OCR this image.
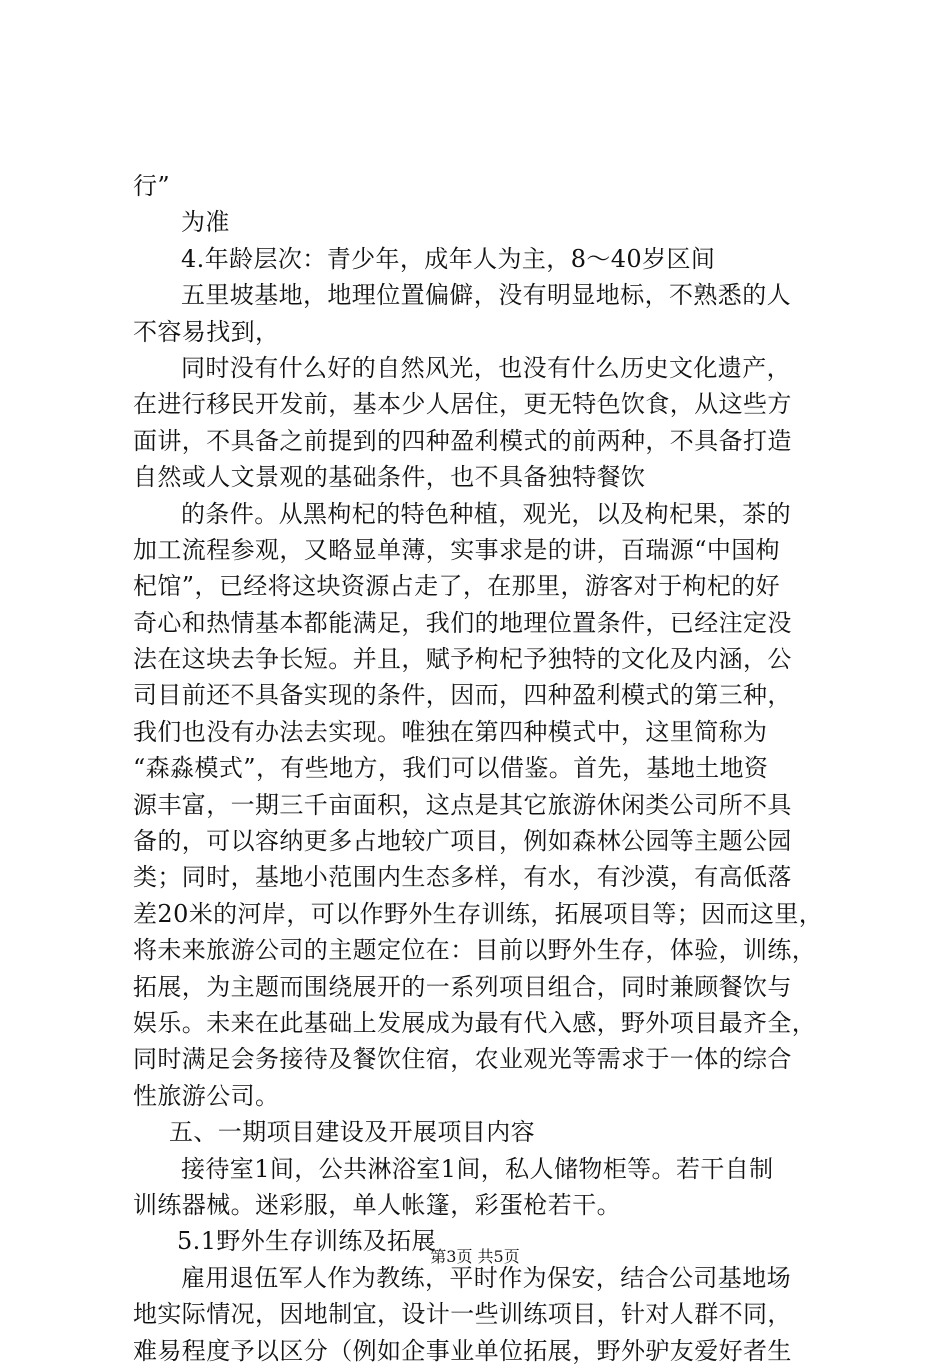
行”
为准
4.年龄层次：青少年，成年人为主，8～40岁区间
五里坡基地，地理位置偏僻，没有明显地标，不熟悉的人
不容易找到，
同时没有什么好的自然风光，也没有什么历史文化遗产，
在进行移民开发前，基本少人居住，更无特色饮食，从这些方
面讲，不具备之前提到的四种盈利模式的前两种，不具备打造
自然或人文景观的基础条件，也不具备独特餐饮
的条件。从黑枸杞的特色种植，观光，以及枸杞果，茶的
加工流程参观，又略显单薄，实事求是的讲，百瑞源“中国枸
杞馆”，已经将这块资源占走了，在那里，游客对于枸杞的好
奇心和热情基本都能满足，我们的地理位置条件，已经注定没
法在这块去争长短。并且，赋予枸杞予独特的文化及内涵，公
司目前还不具备实现的条件，因而，四种盈利模式的第三种，
我们也没有办法去实现。唯独在第四种模式中，这里简称为
“森淼模式”，有些地方，我们可以借鉴。首先，基地土地资
源丰富，一期三千亩面积，这点是其它旅游休闲类公司所不具
备的，可以容纳更多占地较广项目，例如森林公园等主题公园
类；同时，基地小范围内生态多样，有水，有沙漠，有高低落
差20米的河岸，可以作野外生存训练，拓展项目等；因而这里，
将未来旅游公司的主题定位在：目前以野外生存，体验，训练，
拓展，为主题而围绕展开的一系列项目组合，同时兼顾餐饮与
娱乐。未来在此基础上发展成为最有代入感，野外项目最齐全，
同时满足会务接待及餐饮住宿，农业观光等需求于一体的综合
性旅游公司。
五、一期项目建设及开展项目内容
接待室1间，公共淋浴室1间，私人储物柜等。若干自制
训练器械。迷彩服，单人帐篷，彩蛋枪若干。
5.1野外生存训练及拓展
雇用退伍军人作为教练，平时作为保安，结合公司基地场
地实际情况，因地制宜，设计一些训练项目，针对人群不同，
难易程度予以区分（例如企事业单位拓展，野外驴友爱好者生
第3页 共5页
